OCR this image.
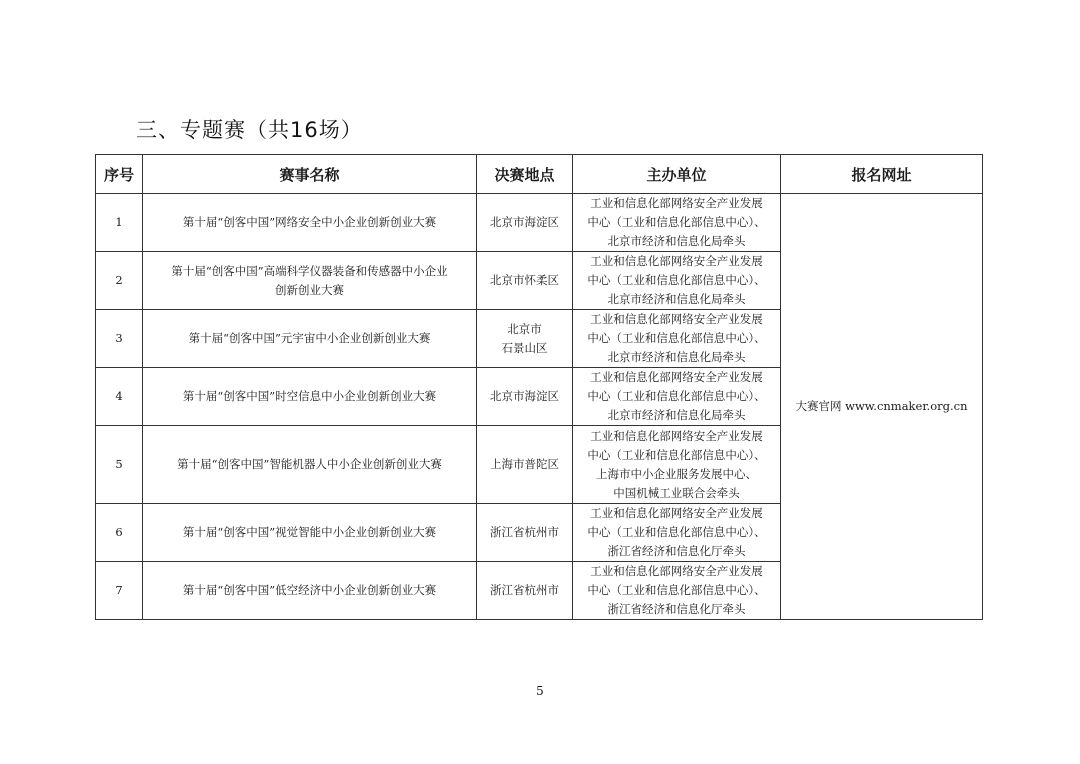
三、专题赛（共16场）
序号	赛事名称	决赛地点	主办单位	报名网址
1	第十届“创客中国”网络安全中小企业创新创业大赛	北京市海淀区	工业和信息化部网络安全产业发展
中心（工业和信息化部信息中心）、
北京市经济和信息化局牵头	大赛官网 www.cnmaker.org.cn
2	第十届“创客中国”高端科学仪器装备和传感器中小企业
创新创业大赛	北京市怀柔区	工业和信息化部网络安全产业发展
中心（工业和信息化部信息中心）、
北京市经济和信息化局牵头	

3	第十届“创客中国”元宇宙中小企业创新创业大赛	北京市
石景山区	工业和信息化部网络安全产业发展
中心（工业和信息化部信息中心）、
北京市经济和信息化局牵头	

4	第十届“创客中国”时空信息中小企业创新创业大赛	北京市海淀区	工业和信息化部网络安全产业发展
中心（工业和信息化部信息中心）、
北京市经济和信息化局牵头	

5	第十届“创客中国”智能机器人中小企业创新创业大赛	上海市普陀区	工业和信息化部网络安全产业发展
中心（工业和信息化部信息中心）、
上海市中小企业服务发展中心、
中国机械工业联合会牵头	

6	第十届“创客中国”视觉智能中小企业创新创业大赛	浙江省杭州市	工业和信息化部网络安全产业发展
中心（工业和信息化部信息中心）、
浙江省经济和信息化厅牵头	

7	第十届“创客中国”低空经济中小企业创新创业大赛	浙江省杭州市	工业和信息化部网络安全产业发展
中心（工业和信息化部信息中心）、
浙江省经济和信息化厅牵头	
5
